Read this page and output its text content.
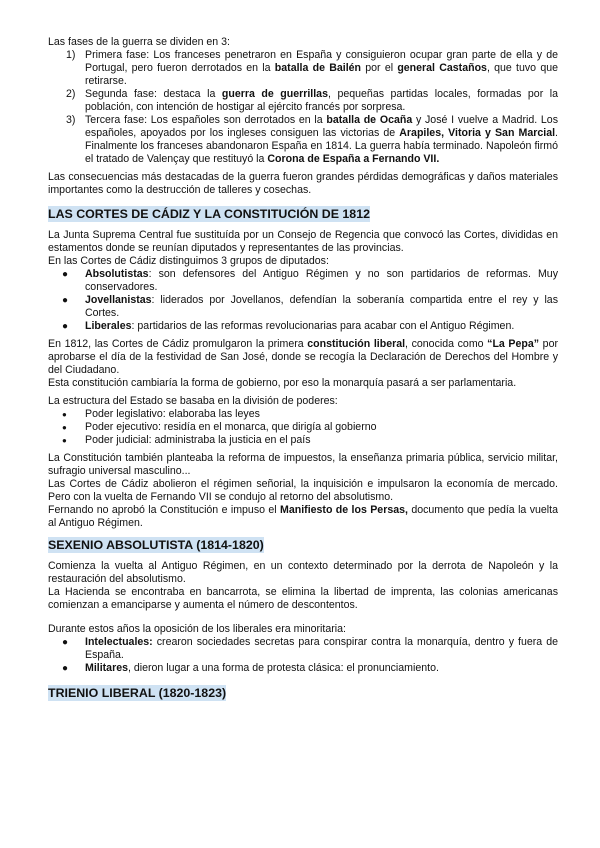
Las fases de la guerra se dividen en 3:

1) Primera fase: Los franceses penetraron en España y consiguieron ocupar gran parte de ella y de Portugal, pero fueron derrotados en la batalla de Bailén por el general Castaños, que tuvo que retirarse.
2) Segunda fase: destaca la guerra de guerrillas, pequeñas partidas locales, formadas por la población, con intención de hostigar al ejército francés por sorpresa.
3) Tercera fase: Los españoles son derrotados en la batalla de Ocaña y José I vuelve a Madrid. Los españoles, apoyados por los ingleses consiguen las victorias de Arapiles, Vitoria y San Marcial. Finalmente los franceses abandonaron España en 1814. La guerra había terminado. Napoleón firmó el tratado de Valençay que restituyó la Corona de España a Fernando VII.

Las consecuencias más destacadas de la guerra fueron grandes pérdidas demográficas y daños materiales importantes como la destrucción de talleres y cosechas.

LAS CORTES DE CÁDIZ Y LA CONSTITUCIÓN DE 1812

La Junta Suprema Central fue sustituída por un Consejo de Regencia que convocó las Cortes, divididas en estamentos donde se reunían diputados y representantes de las provincias.

En las Cortes de Cádiz distinguimos 3 grupos de diputados:

● Absolutistas: son defensores del Antiguo Régimen y no son partidarios de reformas. Muy conservadores.
● Jovellanistas: liderados por Jovellanos, defendían la soberanía compartida entre el rey y las Cortes.
● Liberales: partidarios de las reformas revolucionarias para acabar con el Antiguo Régimen.

En 1812, las Cortes de Cádiz promulgaron la primera constitución liberal, conocida como “La Pepa” por aprobarse el día de la festividad de San José, donde se recogía la Declaración de Derechos del Hombre y del Ciudadano.

Esta constitución cambiaría la forma de gobierno, por eso la monarquía pasará a ser parlamentaria.

La estructura del Estado se basaba en la división de poderes:

● Poder legislativo: elaboraba las leyes
● Poder ejecutivo: residía en el monarca, que dirigía al gobierno
● Poder judicial: administraba la justicia en el país

La Constitución también planteaba la reforma de impuestos, la enseñanza primaria pública, servicio militar, sufragio universal masculino...

Las Cortes de Cádiz abolieron el régimen señorial, la inquisición e impulsaron la economía de mercado. Pero con la vuelta de Fernando VII se condujo al retorno del absolutismo.

Fernando no aprobó la Constitución e impuso el Manifiesto de los Persas, documento que pedía la vuelta al Antiguo Régimen.

SEXENIO ABSOLUTISTA (1814-1820)

Comienza la vuelta al Antiguo Régimen, en un contexto determinado por la derrota de Napoleón y la restauración del absolutismo.

La Hacienda se encontraba en bancarrota, se elimina la libertad de imprenta, las colonias americanas comienzan a emanciparse y aumenta el número de descontentos.

Durante estos años la oposición de los liberales era minoritaria:

● Intelectuales: crearon sociedades secretas para conspirar contra la monarquía, dentro y fuera de España.
● Militares, dieron lugar a una forma de protesta clásica: el pronunciamiento.
TRIENIO LIBERAL (1820-1823)
